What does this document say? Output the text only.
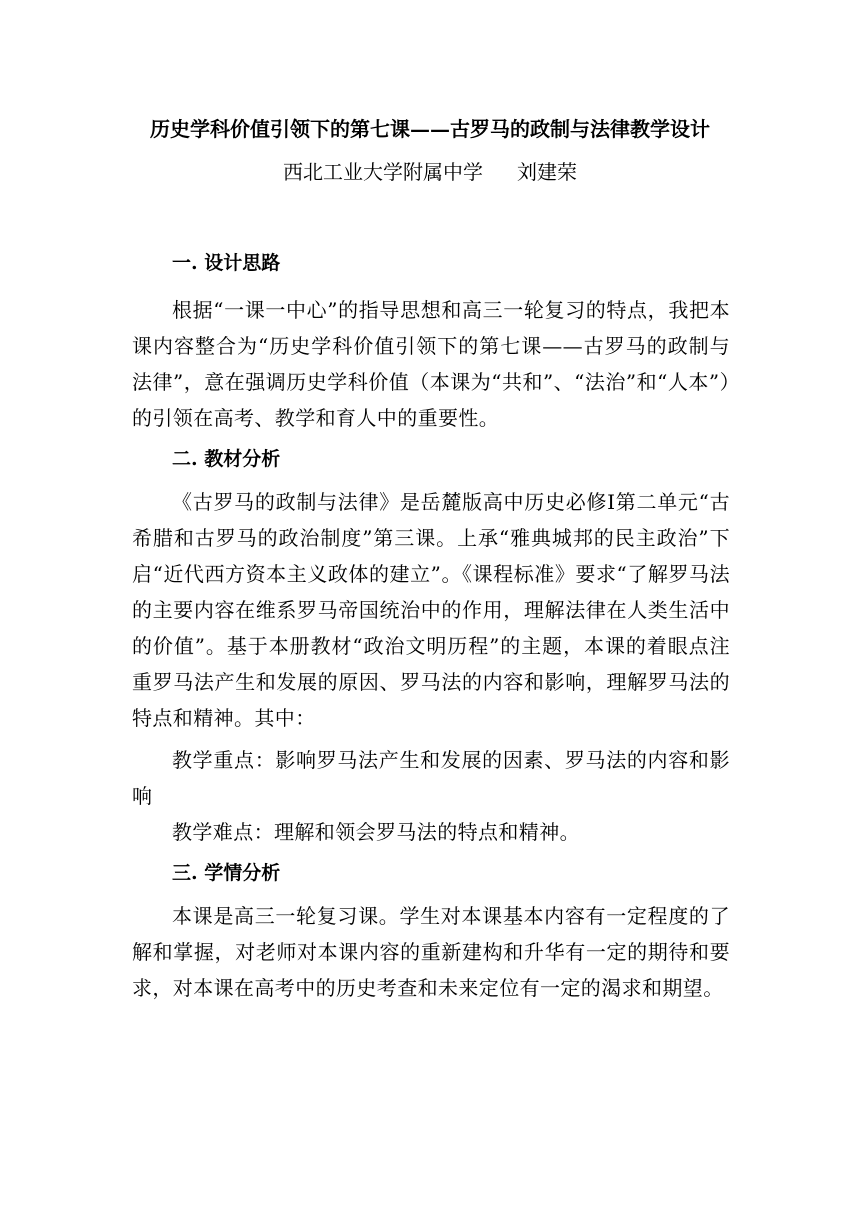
历史学科价值引领下的第七课——古罗马的政制与法律教学设计
西北工业大学附属中学 刘建荣

一. 设计思路

根据“一课一中心”的指导思想和高三一轮复习的特点，我把本课内容整合为“历史学科价值引领下的第七课——古罗马的政制与法律”，意在强调历史学科价值（本课为“共和”、“法治”和“人本”）的引领在高考、教学和育人中的重要性。

二. 教材分析

《古罗马的政制与法律》是岳麓版高中历史必修Ⅰ第二单元“古希腊和古罗马的政治制度”第三课。上承“雅典城邦的民主政治”下启“近代西方资本主义政体的建立”。《课程标准》要求“了解罗马法的主要内容在维系罗马帝国统治中的作用，理解法律在人类生活中的价值”。基于本册教材“政治文明历程”的主题，本课的着眼点注重罗马法产生和发展的原因、罗马法的内容和影响，理解罗马法的特点和精神。其中：

教学重点：影响罗马法产生和发展的因素、罗马法的内容和影响

教学难点：理解和领会罗马法的特点和精神。

三. 学情分析

本课是高三一轮复习课。学生对本课基本内容有一定程度的了解和掌握，对老师对本课内容的重新建构和升华有一定的期待和要求，对本课在高考中的历史考查和未来定位有一定的渴求和期望。
